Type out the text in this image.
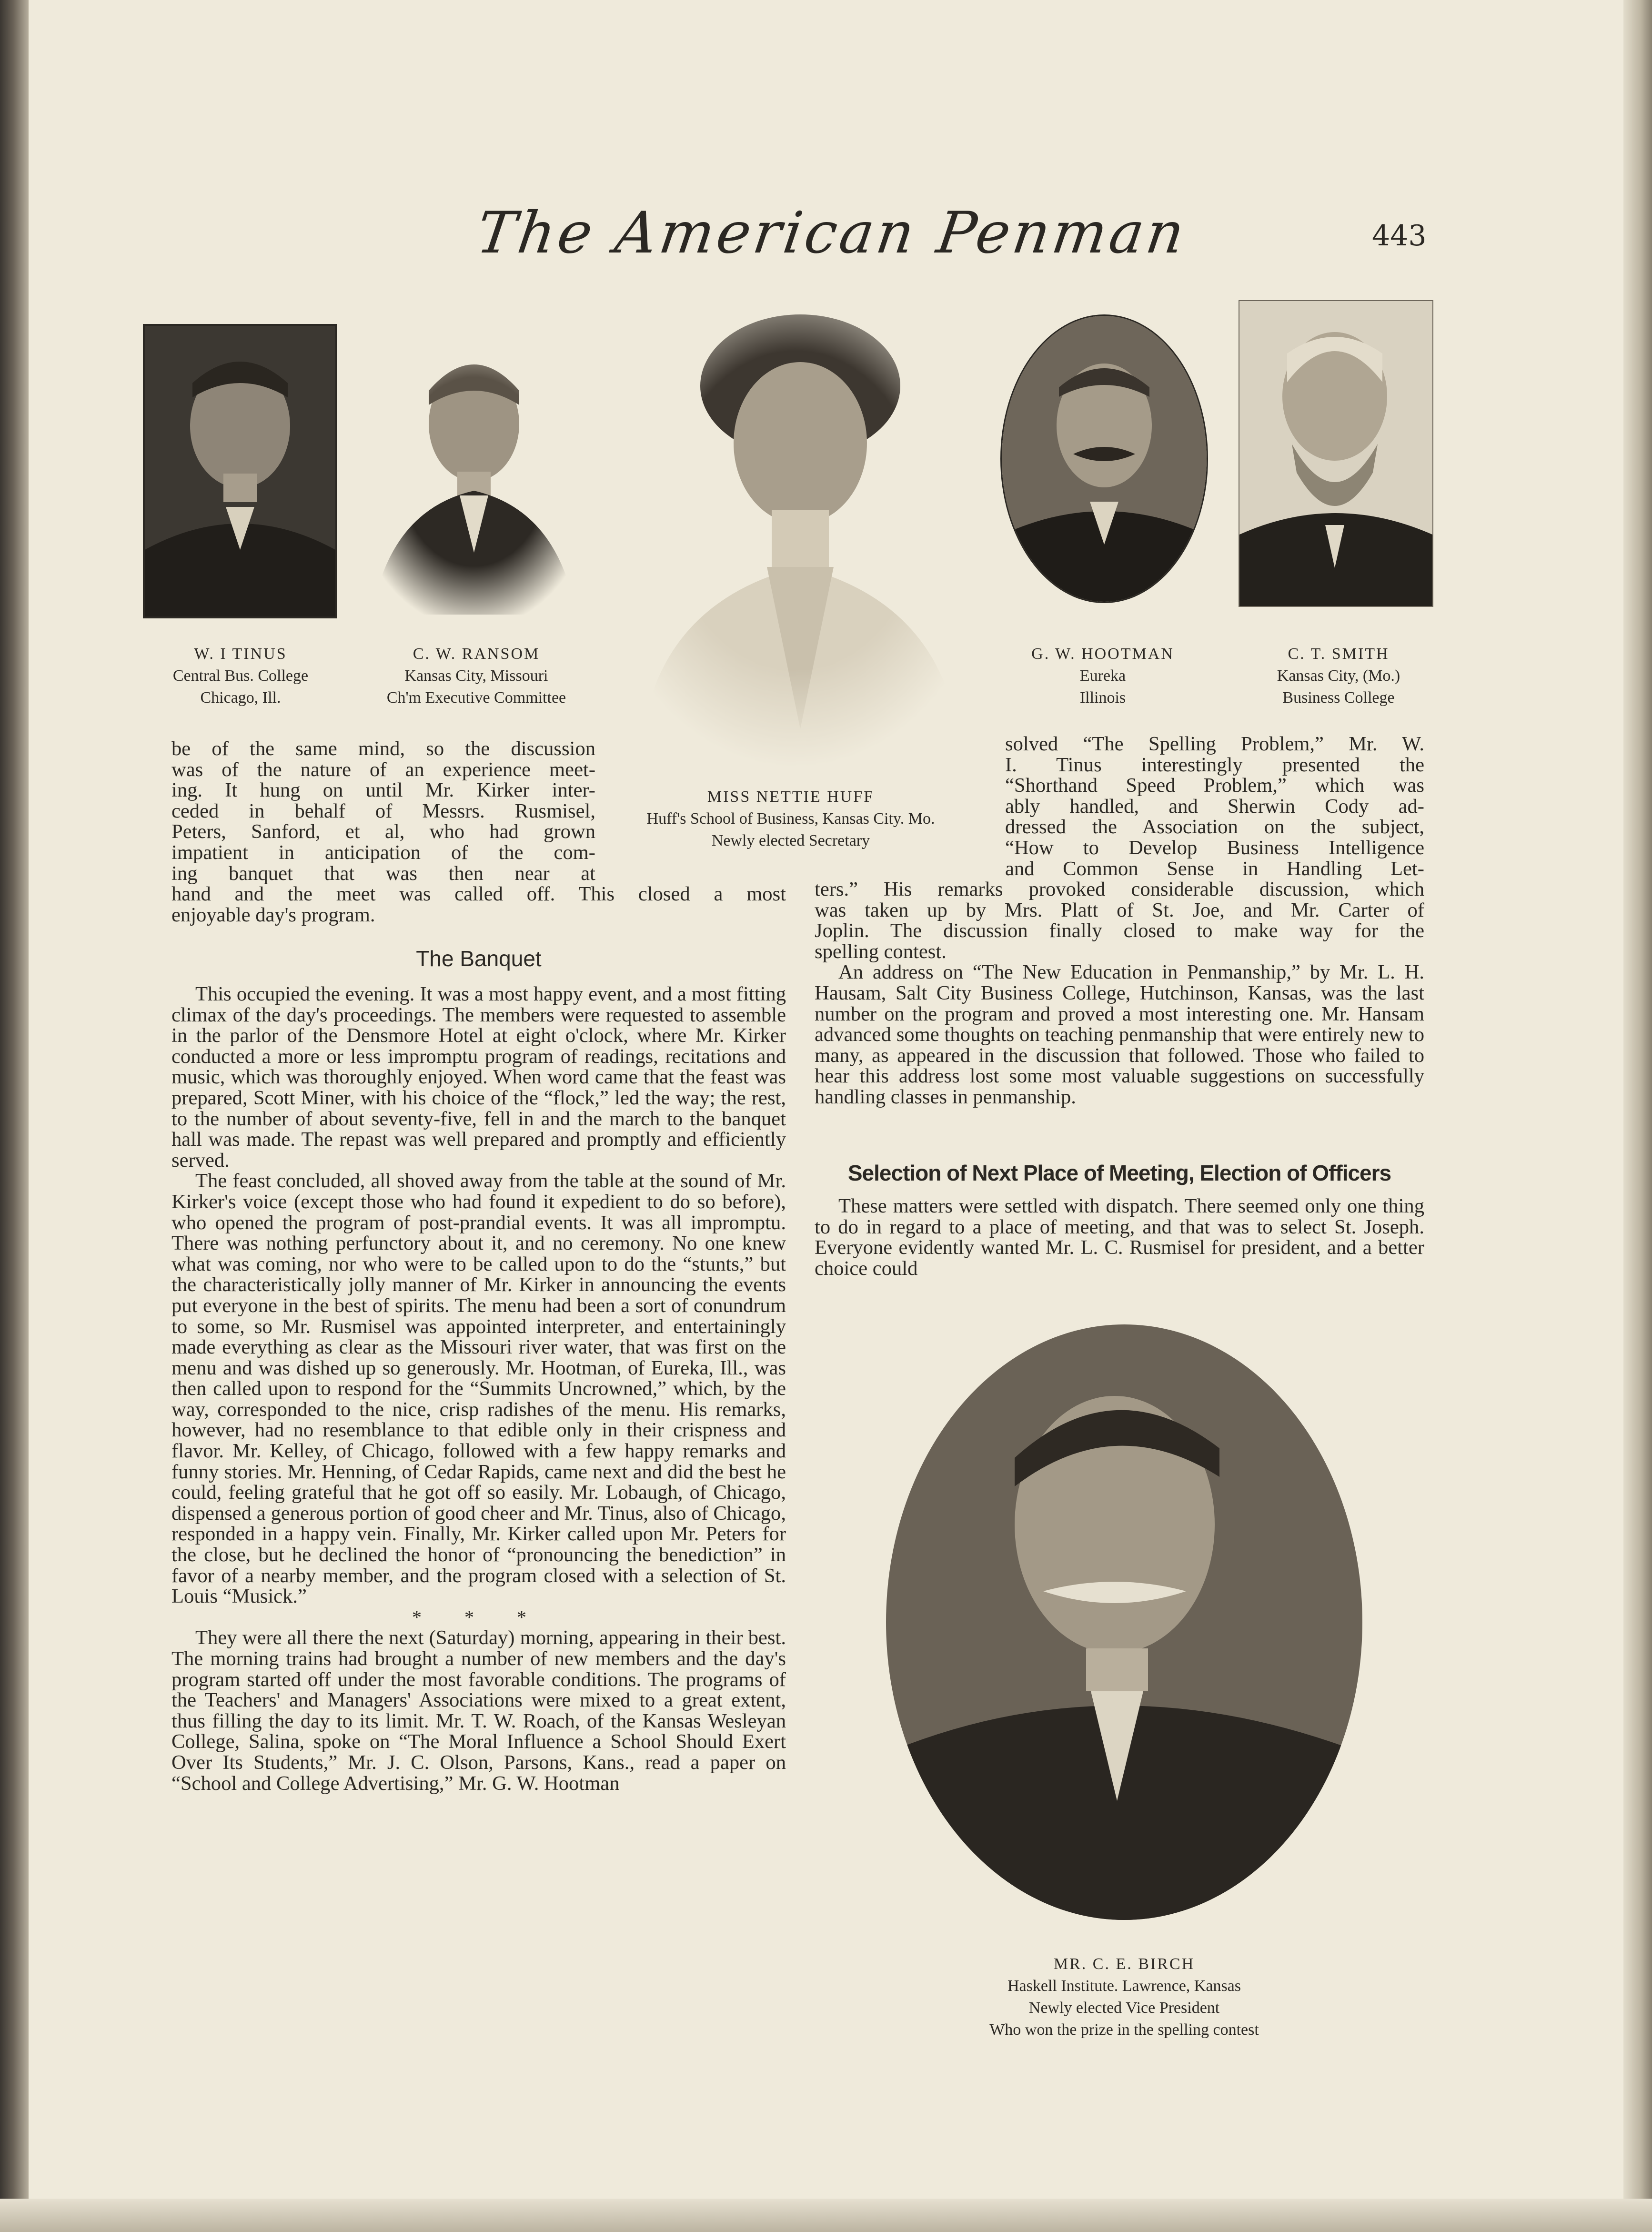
The American Penman	443
W. I TINUS
Central Bus. College
Chicago, Ill.
C. W. RANSOM
Kansas City, Missouri
Ch'm Executive Committee
MISS NETTIE HUFF
Huff's School of Business, Kansas City. Mo.
Newly elected Secretary
G. W. HOOTMAN
Eureka
Illinois
C. T. SMITH
Kansas City, (Mo.)
Business College
MR. C. E. BIRCH
Haskell Institute. Lawrence, Kansas
Newly elected Vice President
Who won the prize in the spelling contest
be of the same mind, so the discussion
was of the nature of an experience meet-
ing. It hung on until Mr. Kirker inter-
ceded in behalf of Messrs. Rusmisel,
Peters, Sanford, et al, who had grown
impatient in anticipation of the com-
ing banquet that was then near at
hand and the meet was called off. This closed a most
enjoyable day's program.
The Banquet

This occupied the evening. It was a most happy event, and a most fitting climax of the day's proceedings. The members were requested to assemble in the parlor of the Densmore Hotel at eight o'clock, where Mr. Kirker conducted a more or less impromptu program of readings, recitations and music, which was thoroughly enjoyed. When word came that the feast was prepared, Scott Miner, with his choice of the “flock,” led the way; the rest, to the number of about seventy-five, fell in and the march to the banquet hall was made. The repast was well prepared and promptly and efficiently served.

The feast concluded, all shoved away from the table at the sound of Mr. Kirker's voice (except those who had found it expedient to do so before), who opened the program of post-prandial events. It was all impromptu. There was nothing perfunctory about it, and no ceremony. No one knew what was coming, nor who were to be called upon to do the “stunts,” but the characteristically jolly manner of Mr. Kirker in announcing the events put everyone in the best of spirits. The menu had been a sort of conundrum to some, so Mr. Rusmisel was appointed interpreter, and entertainingly made everything as clear as the Missouri river water, that was first on the menu and was dished up so generously. Mr. Hootman, of Eureka, Ill., was then called upon to respond for the “Summits Uncrowned,” which, by the way, corresponded to the nice, crisp radishes of the menu. His remarks, however, had no resemblance to that edible only in their crispness and flavor. Mr. Kelley, of Chicago, followed with a few happy remarks and funny stories. Mr. Henning, of Cedar Rapids, came next and did the best he could, feeling grateful that he got off so easily. Mr. Lobaugh, of Chicago, dispensed a generous portion of good cheer and Mr. Tinus, also of Chicago, responded in a happy vein. Finally, Mr. Kirker called upon Mr. Peters for the close, but he declined the honor of “pronouncing the benediction” in favor of a nearby member, and the program closed with a selection of St. Louis “Musick.”

* * *

They were all there the next (Saturday) morning, appearing in their best. The morning trains had brought a number of new members and the day's program started off under the most favorable conditions. The programs of the Teachers' and Managers' Associations were mixed to a great extent, thus filling the day to its limit. Mr. T. W. Roach, of the Kansas Wesleyan College, Salina, spoke on “The Moral Influence a School Should Exert Over Its Students,” Mr. J. C. Olson, Parsons, Kans., read a paper on “School and College Advertising,” Mr. G. W. Hootman

solved “The Spelling Problem,” Mr. W.
I. Tinus interestingly presented the
“Shorthand Speed Problem,” which was
ably handled, and Sherwin Cody ad-
dressed the Association on the subject,
“How to Develop Business Intelligence
and Common Sense in Handling Let-
ters.” His remarks provoked considerable discussion, which
was taken up by Mrs. Platt of St. Joe, and Mr. Carter of
Joplin. The discussion finally closed to make way for the
spelling contest.

An address on “The New Education in Penmanship,” by Mr. L. H. Hausam, Salt City Business College, Hutchinson, Kansas, was the last number on the program and proved a most interesting one. Mr. Hansam advanced some thoughts on teaching penmanship that were entirely new to many, as appeared in the discussion that followed. Those who failed to hear this address lost some most valuable suggestions on successfully handling classes in penmanship.

Selection of Next Place of Meeting, Election of Officers

These matters were settled with dispatch. There seemed only one thing to do in regard to a place of meeting, and that was to select St. Joseph. Everyone evidently wanted Mr. L. C. Rusmisel for president, and a better choice could
